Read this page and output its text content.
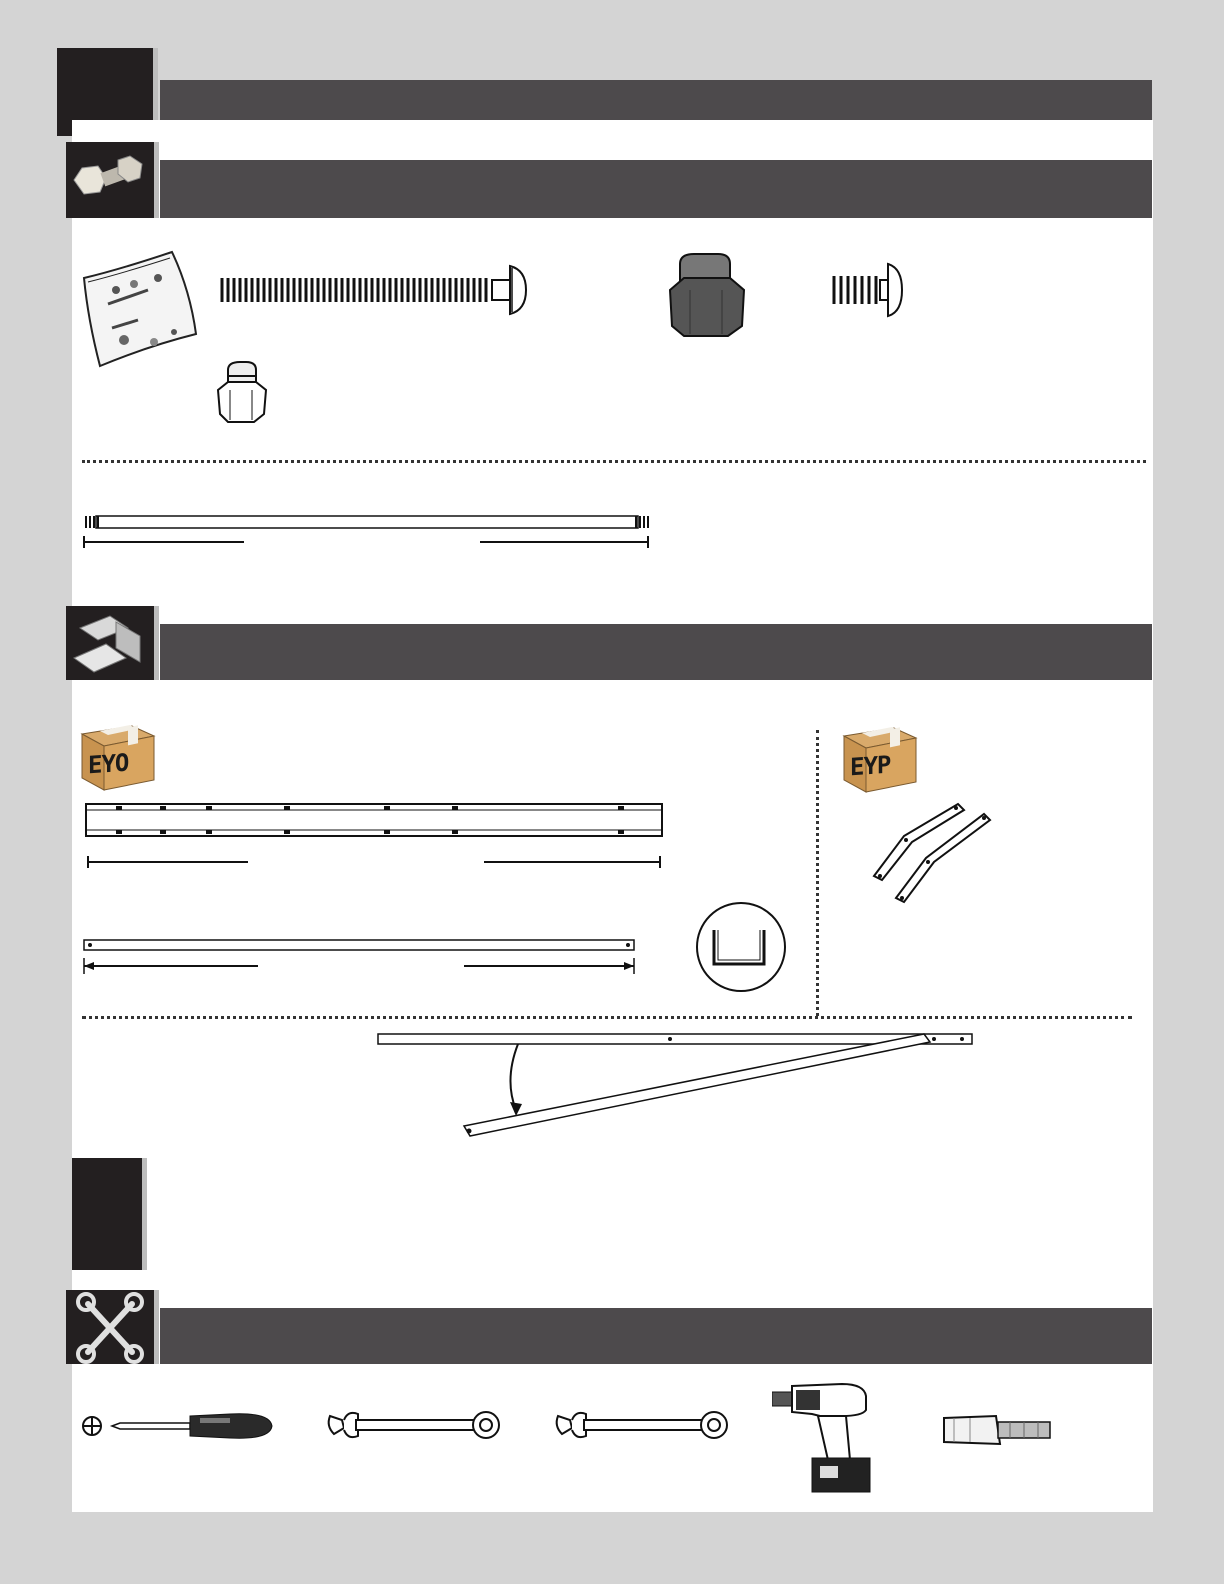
EYO	EYP
